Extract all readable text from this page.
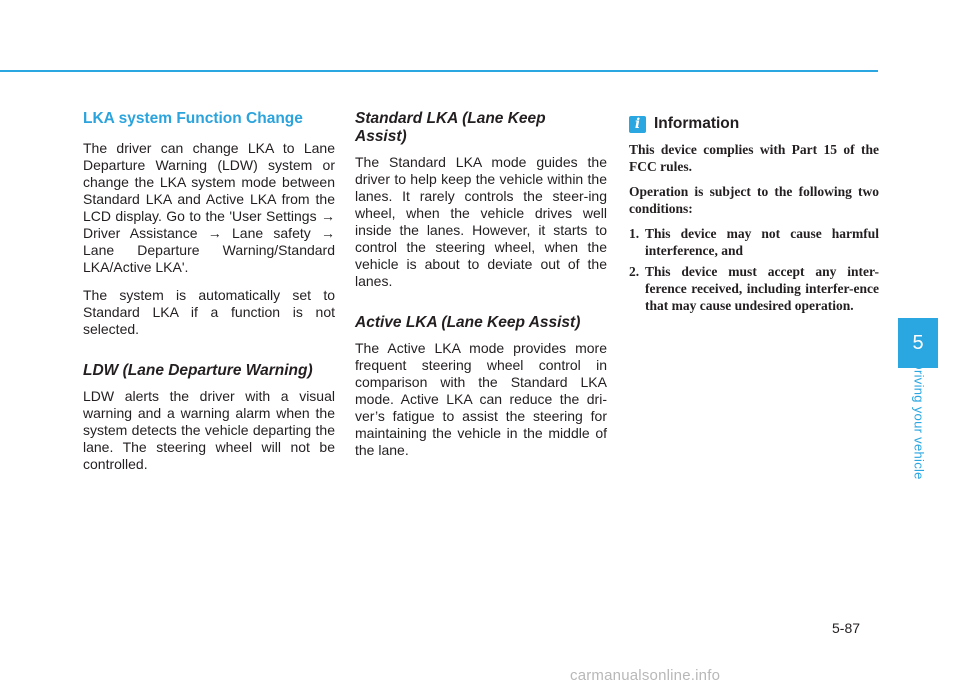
LKA system Function Change

The driver can change LKA to Lane Departure Warning (LDW) system or change the LKA system mode between Standard LKA and Active LKA from the LCD display. Go to the 'User Settings → Driver Assistance → Lane safety → Lane Departure Warning/Standard LKA/Active LKA'.

The system is automatically set to Standard LKA if a function is not selected.

LDW (Lane Departure Warning)

LDW alerts the driver with a visual warning and a warning alarm when the system detects the vehicle departing the lane. The steering wheel will not be controlled.

Standard LKA (Lane Keep Assist)

The Standard LKA mode guides the driver to help keep the vehicle within the lanes. It rarely controls the steer-ing wheel, when the vehicle drives well inside the lanes. However, it starts to control the steering wheel, when the vehicle is about to deviate out of the lanes.

Active LKA (Lane Keep Assist)

The Active LKA mode provides more frequent steering wheel control in comparison with the Standard LKA mode. Active LKA can reduce the dri-ver’s fatigue to assist the steering for maintaining the vehicle in the middle of the lane.

i Information

This device complies with Part 15 of the FCC rules.

Operation is subject to the following two conditions:

1. This device may not cause harmful interference, and
2. This device must accept any inter-ference received, including interfer-ence that may cause undesired operation.
5
Driving your vehicle
5-87
carmanualsonline.info
